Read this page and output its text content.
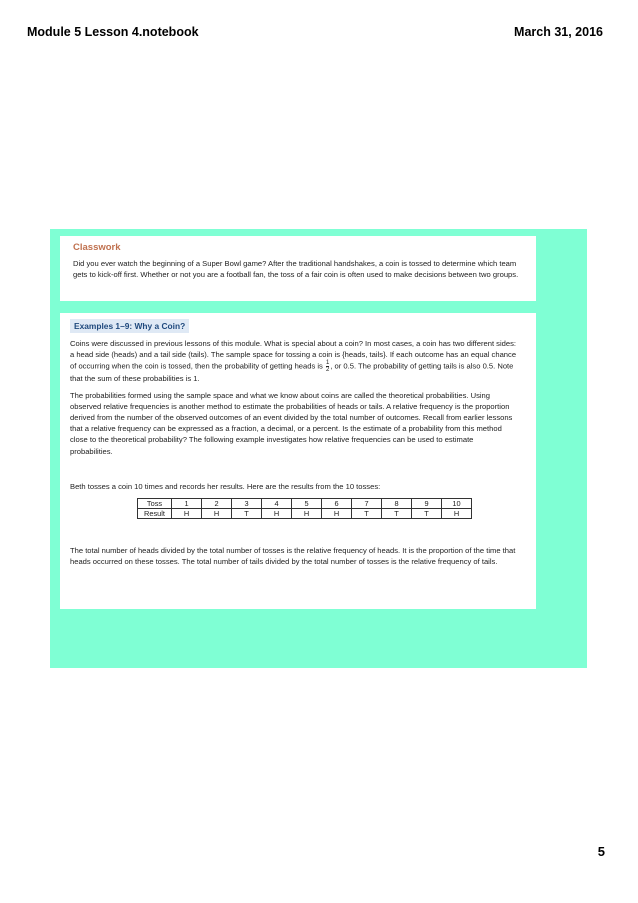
Module 5 Lesson 4.notebook	March 31, 2016
Classwork
Did you ever watch the beginning of a Super Bowl game? After the traditional handshakes, a coin is tossed to determine which team gets to kick-off first. Whether or not you are a football fan, the toss of a fair coin is often used to make decisions between two groups.
Examples 1–9: Why a Coin?
Coins were discussed in previous lessons of this module. What is special about a coin? In most cases, a coin has two different sides: a head side (heads) and a tail side (tails). The sample space for tossing a coin is {heads, tails}. If each outcome has an equal chance of occurring when the coin is tossed, then the probability of getting heads is $\frac{1}{2}$ , or 0.5. The probability of getting tails is also 0.5. Note that the sum of these probabilities is 1.
The probabilities formed using the sample space and what we know about coins are called the theoretical probabilities. Using observed relative frequencies is another method to estimate the probabilities of heads or tails. A relative frequency is the proportion derived from the number of the observed outcomes of an event divided by the total number of outcomes. Recall from earlier lessons that a relative frequency can be expressed as a fraction, a decimal, or a percent. Is the estimate of a probability from this method close to the theoretical probability? The following example investigates how relative frequencies can be used to estimate probabilities.
Beth tosses a coin 10 times and records her results. Here are the results from the 10 tosses:
Toss	1	2	3	4	5	6	7	8	9	10
Result	H	H	T	H	H	H	T	T	T	H
The total number of heads divided by the total number of tosses is the relative frequency of heads. It is the proportion of the time that heads occurred on these tosses. The total number of tails divided by the total number of tosses is the relative frequency of tails.
5
